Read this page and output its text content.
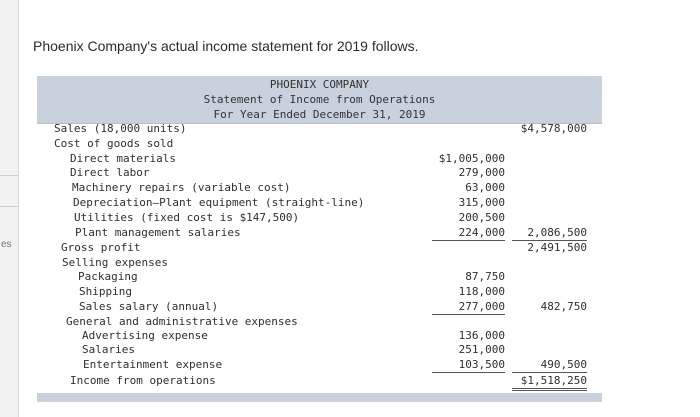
es
Phoenix Company's actual income statement for 2019 follows.
PHOENIX COMPANY
Statement of Income from Operations
For Year Ended December 31, 2019
Sales (18,000 units)	$4,578,000
Cost of goods sold
Direct materials	$1,005,000
Direct labor	279,000
Machinery repairs (variable cost)	63,000
Depreciation—Plant equipment (straight-line)	315,000
Utilities (fixed cost is $147,500)	200,500
Plant management salaries	224,000	2,086,500
Gross profit	2,491,500
Selling expenses
Packaging	87,750
Shipping	118,000
Sales salary (annual)	277,000	482,750
General and administrative expenses
Advertising expense	136,000
Salaries	251,000
Entertainment expense	103,500	490,500
Income from operations	$1,518,250
